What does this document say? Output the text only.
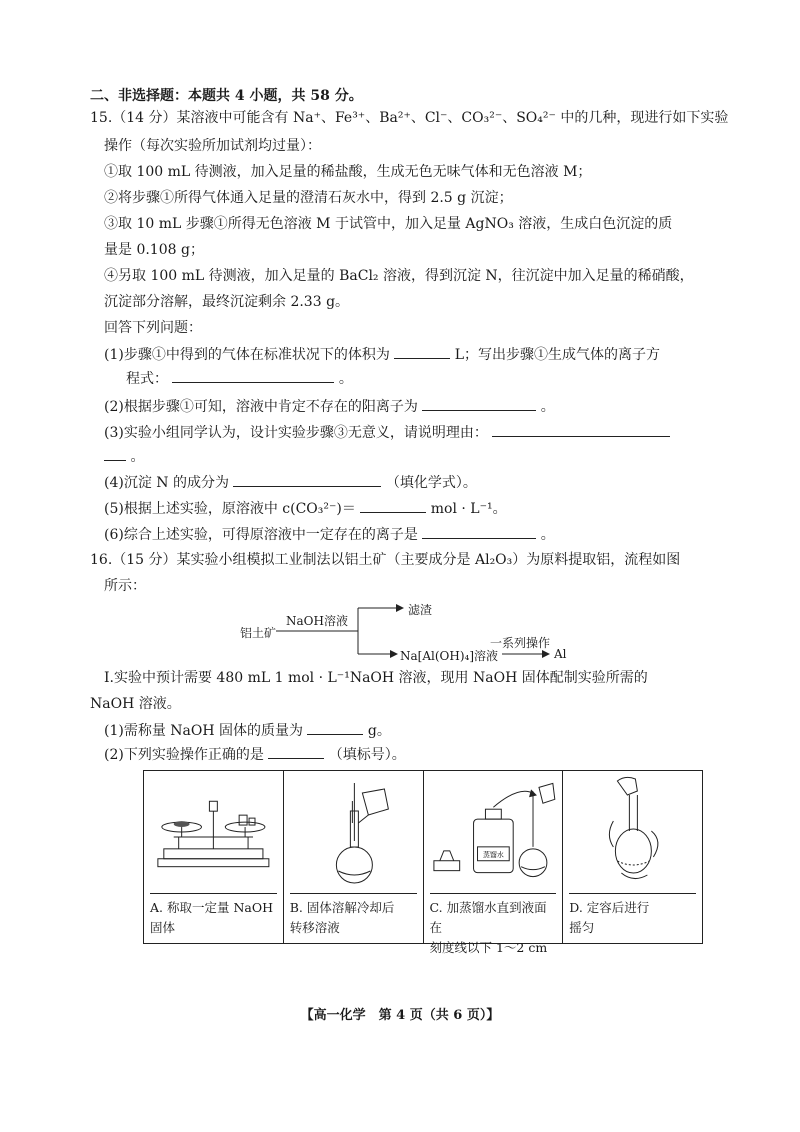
二、非选择题：本题共 4 小题，共 58 分。
15.（14 分）某溶液中可能含有 Na⁺、Fe³⁺、Ba²⁺、Cl⁻、CO₃²⁻、SO₄²⁻ 中的几种，现进行如下实验
操作（每次实验所加试剂均过量）：
①取 100 mL 待测液，加入足量的稀盐酸，生成无色无味气体和无色溶液 M；
②将步骤①所得气体通入足量的澄清石灰水中，得到 2.5 g 沉淀；
③取 10 mL 步骤①所得无色溶液 M 于试管中，加入足量 AgNO₃ 溶液，生成白色沉淀的质
量是 0.108 g；
④另取 100 mL 待测液，加入足量的 BaCl₂ 溶液，得到沉淀 N，往沉淀中加入足量的稀硝酸，
沉淀部分溶解，最终沉淀剩余 2.33 g。
回答下列问题：
(1)步骤①中得到的气体在标准状况下的体积为	L；写出步骤①生成气体的离子方
程式：	。
(2)根据步骤①可知，溶液中肯定不存在的阳离子为	。
(3)实验小组同学认为，设计实验步骤③无意义，请说明理由：
。
(4)沉淀 N 的成分为	（填化学式）。
(5)根据上述实验，原溶液中 c(CO₃²⁻)＝	mol · L⁻¹。
(6)综合上述实验，可得原溶液中一定存在的离子是	。
16.（15 分）某实验小组模拟工业制法以铝土矿（主要成分是 Al₂O₃）为原料提取铝，流程如图
所示：
铝土矿
NaOH溶液
滤渣
Na[Al(OH)₄]溶液
一系列操作
Al
Ⅰ.实验中预计需要 480 mL 1 mol · L⁻¹NaOH 溶液，现用 NaOH 固体配制实验所需的
NaOH 溶液。
(1)需称量 NaOH 固体的质量为	g。
(2)下列实验操作正确的是	（填标号）。
A. 称取一定量 NaOH
固体
B. 固体溶解冷却后
转移溶液
蒸馏水
C. 加蒸馏水直到液面在
刻度线以下 1～2 cm
D. 定容后进行
摇匀
【高一化学　第 4 页（共 6 页）】
